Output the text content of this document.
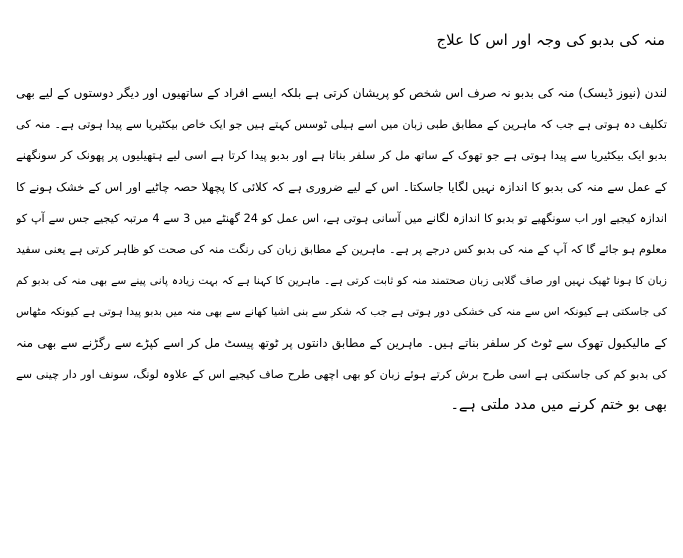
منہ کی بدبو کی وجہ اور اس کا علاج
لندن (نیوز ڈیسک) منہ کی بدبو نہ صرف اس شخص کو پریشان کرتی ہے بلکہ ایسے افراد کے ساتھیوں اور دیگر دوستوں کے لیے بھی
تکلیف دہ ہوتی ہے جب کہ ماہرین کے مطابق طبی زبان میں اسے ہیلی ٹوسس کہتے ہیں جو ایک خاص بیکٹیریا سے پیدا ہوتی ہے۔ منہ کی
بدبو ایک بیکٹیریا سے پیدا ہوتی ہے جو تھوک کے ساتھ مل کر سلفر بناتا ہے اور بدبو پیدا کرتا ہے اسی لیے ہتھیلیوں پر پھونک کر سونگھنے
کے عمل سے منہ کی بدبو کا اندازہ نہیں لگایا جاسکتا۔ اس کے لیے ضروری ہے کہ کلائی کا پچھلا حصہ چاٹیے اور اس کے خشک ہونے کا
اندازہ کیجیے اور اب سونگھیے تو بدبو کا اندازہ لگانے میں آسانی ہوتی ہے، اس عمل کو 24 گھنٹے میں 3 سے 4 مرتبہ کیجیے جس سے آپ کو
معلوم ہو جائے گا کہ آپ کے منہ کی بدبو کس درجے پر ہے۔ ماہرین کے مطابق زبان کی رنگت منہ کی صحت کو ظاہر کرتی ہے یعنی سفید
زبان کا ہونا ٹھیک نہیں اور صاف گلابی زبان صحتمند منہ کو ثابت کرتی ہے۔ ماہرین کا کہنا ہے کہ بہت زیادہ پانی پینے سے بھی منہ کی بدبو کم
کی جاسکتی ہے کیونکہ اس سے منہ کی خشکی دور ہوتی ہے جب کہ شکر سے بنی اشیا کھانے سے بھی منہ میں بدبو پیدا ہوتی ہے کیونکہ مٹھاس
کے مالیکیول تھوک سے ٹوٹ کر سلفر بناتے ہیں۔ ماہرین کے مطابق دانتوں پر ٹوتھ پیسٹ مل کر اسے کپڑے سے رگڑنے سے بھی منہ
کی بدبو کم کی جاسکتی ہے اسی طرح برش کرتے ہوئے زبان کو بھی اچھی طرح صاف کیجیے اس کے علاوہ لونگ، سونف اور دار چینی سے
بھی بو ختم کرنے میں مدد ملتی ہے۔
